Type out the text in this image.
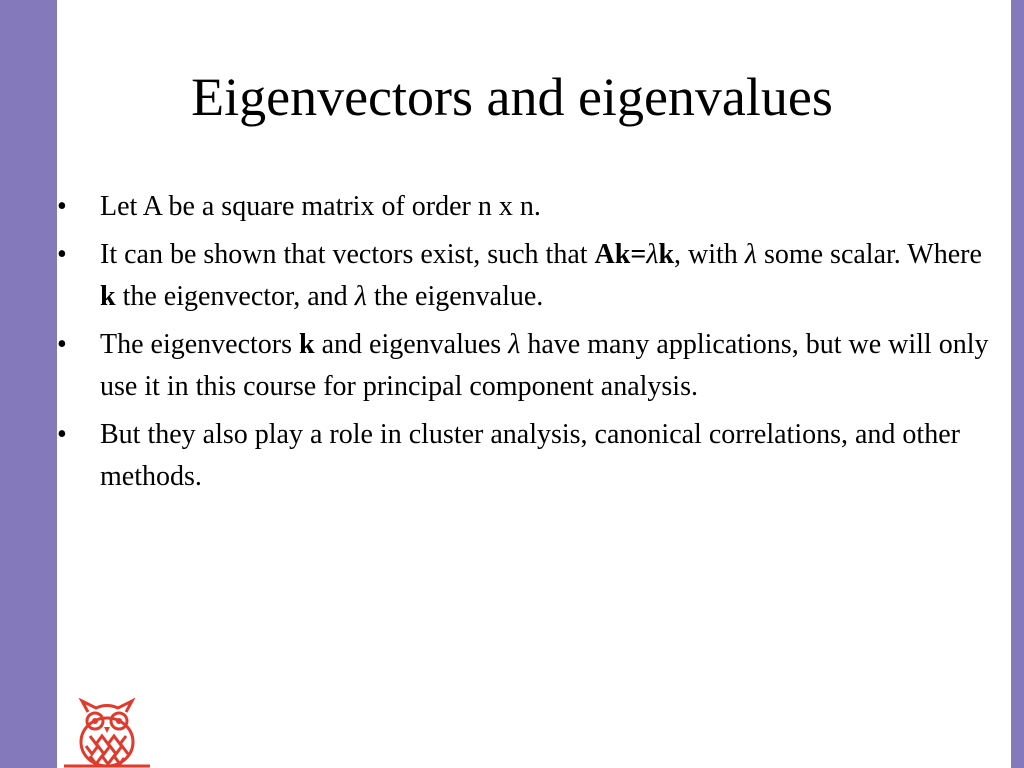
Eigenvectors and eigenvalues
•	Let A be a square matrix of order n x n.
•	It can be shown that vectors exist, such that Ak=λk, with λ some scalar. Where k the eigenvector, and λ the eigenvalue.
•	The eigenvectors k and eigenvalues λ have many applications, but we will only use it in this course for principal component analysis.
•	But they also play a role in cluster analysis, canonical correlations, and other methods.
